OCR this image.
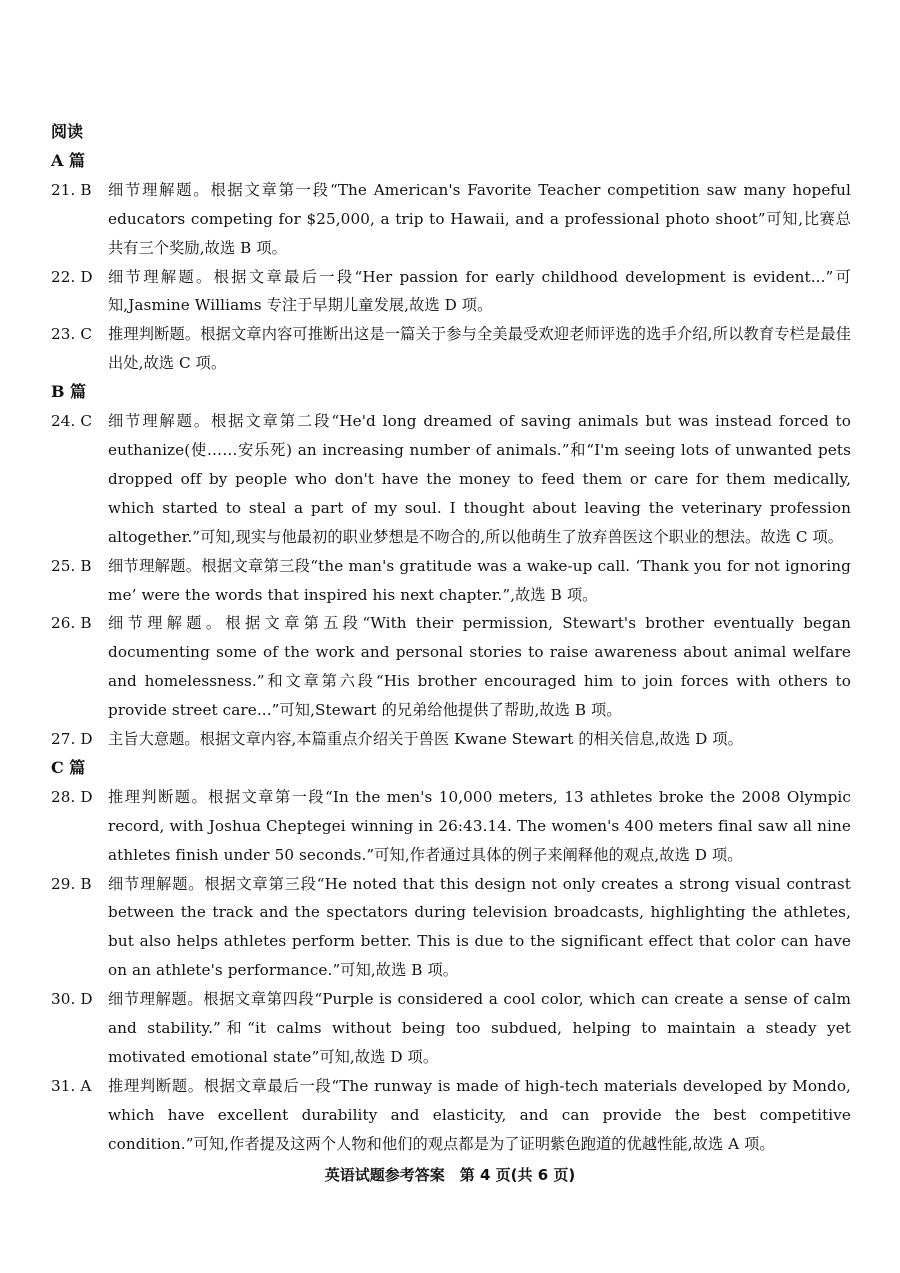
阅读
A 篇
21. B	细节理解题。根据文章第一段“The American's Favorite Teacher competition saw many hopeful educators competing for $25,000, a trip to Hawaii, and a professional photo shoot”可知,比赛总共有三个奖励,故选 B 项。
22. D	细节理解题。根据文章最后一段“Her passion for early childhood development is evident...”可知,Jasmine Williams 专注于早期儿童发展,故选 D 项。
23. C	推理判断题。根据文章内容可推断出这是一篇关于参与全美最受欢迎老师评选的选手介绍,所以教育专栏是最佳出处,故选 C 项。
B 篇
24. C	细节理解题。根据文章第二段“He'd long dreamed of saving animals but was instead forced to euthanize(使……安乐死) an increasing number of animals.”和“I'm seeing lots of unwanted pets dropped off by people who don't have the money to feed them or care for them medically, which started to steal a part of my soul. I thought about leaving the veterinary profession altogether.”可知,现实与他最初的职业梦想是不吻合的,所以他萌生了放弃兽医这个职业的想法。故选 C 项。
25. B	细节理解题。根据文章第三段“the man's gratitude was a wake-up call. ‘Thank you for not ignoring me’ were the words that inspired his next chapter.”,故选 B 项。
26. B	细节理解题。根据文章第五段“With their permission, Stewart's brother eventually began documenting some of the work and personal stories to raise awareness about animal welfare and homelessness.”和文章第六段“His brother encouraged him to join forces with others to provide street care...”可知,Stewart 的兄弟给他提供了帮助,故选 B 项。
27. D	主旨大意题。根据文章内容,本篇重点介绍关于兽医 Kwane Stewart 的相关信息,故选 D 项。
C 篇
28. D	推理判断题。根据文章第一段“In the men's 10,000 meters, 13 athletes broke the 2008 Olympic record, with Joshua Cheptegei winning in 26:43.14. The women's 400 meters final saw all nine athletes finish under 50 seconds.”可知,作者通过具体的例子来阐释他的观点,故选 D 项。
29. B	细节理解题。根据文章第三段“He noted that this design not only creates a strong visual contrast between the track and the spectators during television broadcasts, highlighting the athletes, but also helps athletes perform better. This is due to the significant effect that color can have on an athlete's performance.”可知,故选 B 项。
30. D	细节理解题。根据文章第四段“Purple is considered a cool color, which can create a sense of calm and stability.”和“it calms without being too subdued, helping to maintain a steady yet motivated emotional state”可知,故选 D 项。
31. A	推理判断题。根据文章最后一段“The runway is made of high-tech materials developed by Mondo, which have excellent durability and elasticity, and can provide the best competitive condition.”可知,作者提及这两个人物和他们的观点都是为了证明紫色跑道的优越性能,故选 A 项。
英语试题参考答案　第 4 页(共 6 页)
